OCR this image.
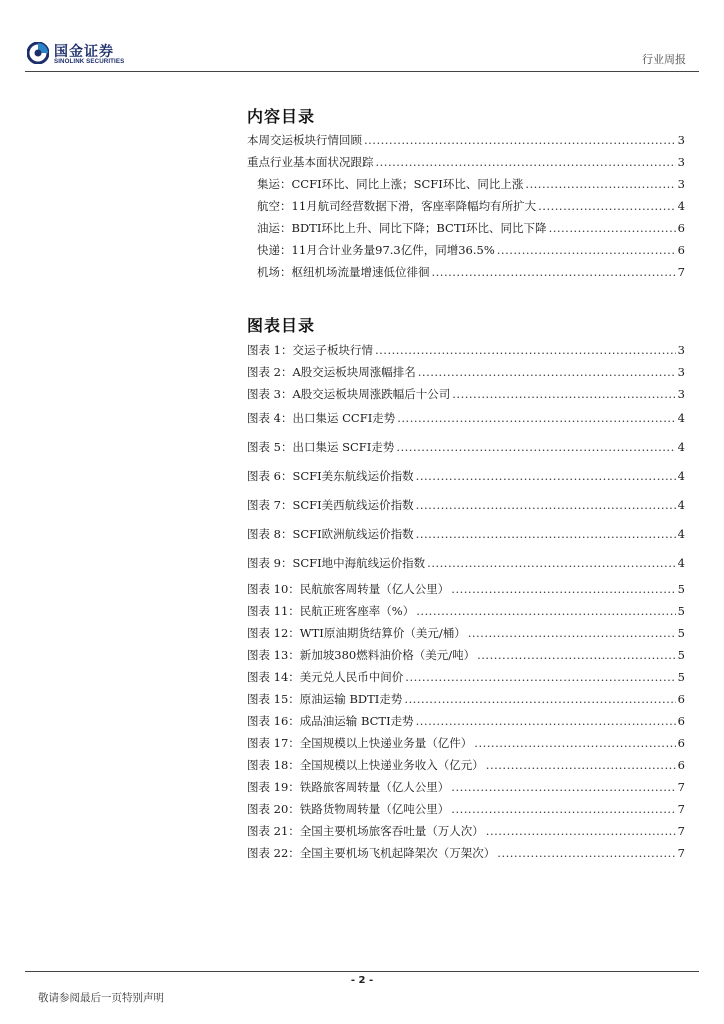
国金证券
SINOLINK SECURITIES	行业周报
内容目录
本周交运板块行情回顾 .....	3
重点行业基本面状况跟踪 .....	3
集运：CCFI环比、同比上涨；SCFI环比、同比上涨 .....	3
航空：11月航司经营数据下滑，客座率降幅均有所扩大 .....	4
油运：BDTI环比上升、同比下降；BCTI环比、同比下降 .....	6
快递：11月合计业务量97.3亿件，同增36.5% .....	6
机场：枢纽机场流量增速低位徘徊 .....	7
图表目录
图表 1：交运子板块行情 .....	3
图表 2：A股交运板块周涨幅排名 .....	3
图表 3：A股交运板块周涨跌幅后十公司 .....	3
图表 4：出口集运 CCFI走势 .....	4
图表 5：出口集运 SCFI走势 .....	4
图表 6：SCFI美东航线运价指数 .....	4
图表 7：SCFI美西航线运价指数 .....	4
图表 8：SCFI欧洲航线运价指数 .....	4
图表 9：SCFI地中海航线运价指数 .....	4
图表 10：民航旅客周转量（亿人公里） .....	5
图表 11：民航正班客座率（%） .....	5
图表 12：WTI原油期货结算价（美元/桶） .....	5
图表 13：新加坡380燃料油价格（美元/吨） .....	5
图表 14：美元兑人民币中间价 .....	5
图表 15：原油运输 BDTI走势 .....	6
图表 16：成品油运输 BCTI走势 .....	6
图表 17：全国规模以上快递业务量（亿件） .....	6
图表 18：全国规模以上快递业务收入（亿元） .....	6
图表 19：铁路旅客周转量（亿人公里） .....	7
图表 20：铁路货物周转量（亿吨公里） .....	7
图表 21：全国主要机场旅客吞吐量（万人次） .....	7
图表 22：全国主要机场飞机起降架次（万架次） .....	7
- 2 -
敬请参阅最后一页特别声明
